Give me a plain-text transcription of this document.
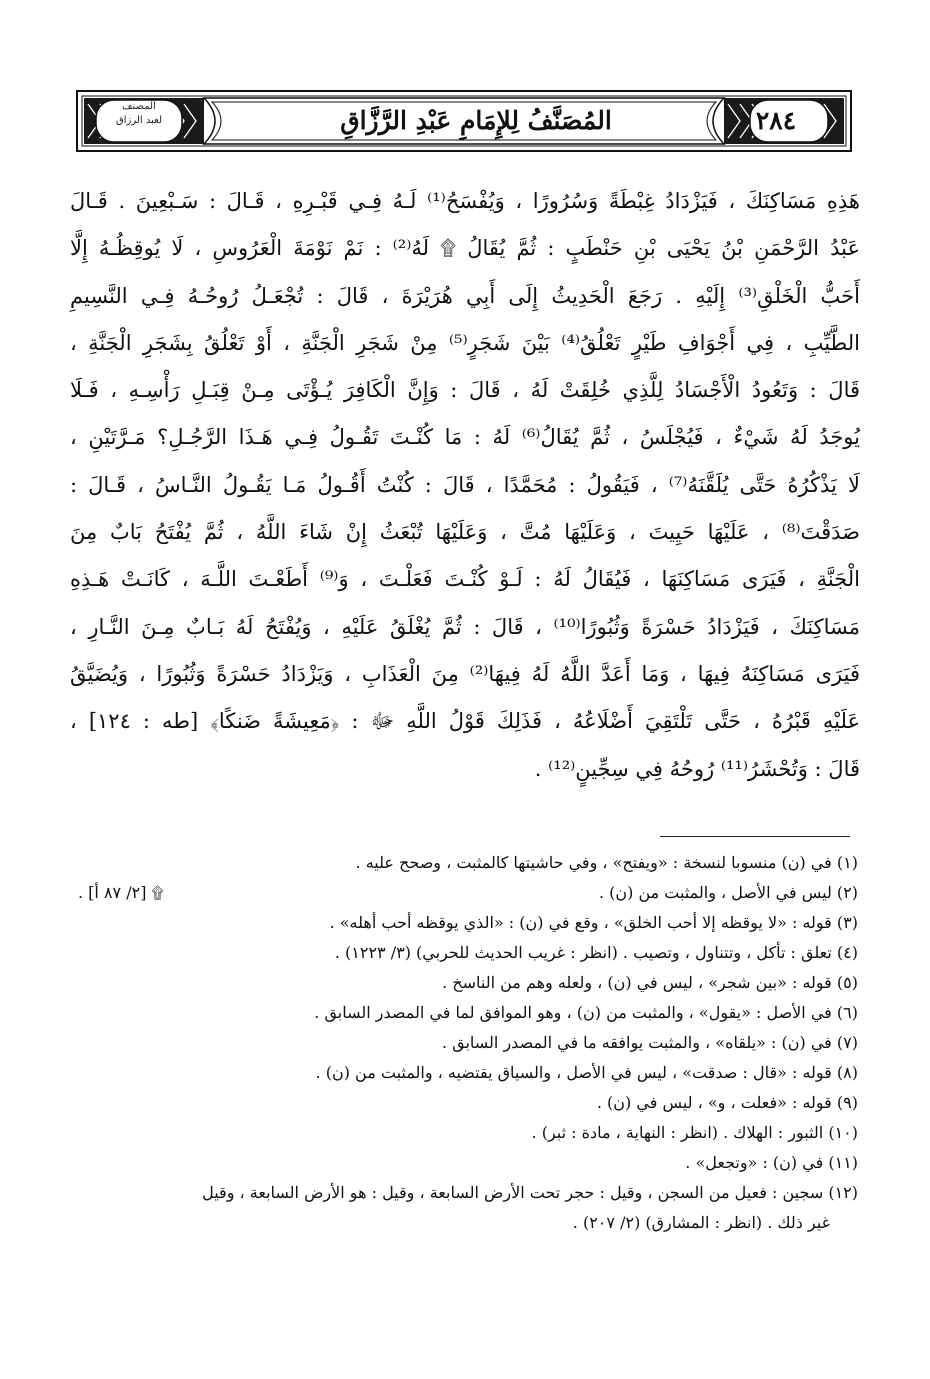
المصنف
لعبد الرزاق	المُصَنَّفُ لِلإِمَامِ عَبْدِ الرَّزَّاقِ	٢٨٤

هَذِهِ مَسَاكِنَكَ ، فَيَزْدَادُ غِبْطَةً وَسُرُورًا ، وَيُفْسَحُ⁽¹⁾ لَـهُ فِـي قَبْـرِهِ ، قَـالَ : سَـبْعِينَ . قَـالَ

عَبْدُ الرَّحْمَنِ بْنُ يَحْيَى بْنِ حَنْطَبٍ : ثُمَّ يُقَالُ ۩ لَهُ⁽²⁾ : نَمْ نَوْمَةَ الْعَرُوسِ ، لَا يُوقِظُـهُ إِلَّا

أَحَبُّ الْخَلْقِ⁽³⁾ إِلَيْهِ . رَجَعَ الْحَدِيثُ إِلَى أَبِي هُرَيْرَةَ ، قَالَ : تُجْعَـلُ رُوحُـهُ فِـي النَّسِيمِ

الطَّيِّبِ ، فِي أَجْوَافِ طَيْرٍ تَعْلُقُ⁽⁴⁾ بَيْنَ شَجَرٍ⁽⁵⁾ مِنْ شَجَرِ الْجَنَّةِ ، أَوْ تَعْلُقُ بِشَجَرِ الْجَنَّةِ ،

قَالَ : وَتَعُودُ الْأَجْسَادُ لِلَّذِي خُلِقَتْ لَهُ ، قَالَ : وَإِنَّ الْكَافِرَ يُـؤْتَى مِـنْ قِبَـلِ رَأْسِـهِ ، فَـلَا

يُوجَدُ لَهُ شَيْءٌ ، فَيُجْلَسُ ، ثُمَّ يُقَالُ⁽⁶⁾ لَهُ : مَا كُنْـتَ تَقُـولُ فِـي هَـذَا الرَّجُـلِ؟ مَـرَّتَيْنِ ،

لَا يَذْكُرُهُ حَتَّى يُلَقَّنَهُ⁽⁷⁾ ، فَيَقُولُ : مُحَمَّدًا ، قَالَ : كُنْتُ أَقُـولُ مَـا يَقُـولُ النَّـاسُ ، قَـالَ :

صَدَقْتَ⁽⁸⁾ ، عَلَيْهَا حَيِيتَ ، وَعَلَيْهَا مُتَّ ، وَعَلَيْهَا تُبْعَثُ إِنْ شَاءَ اللَّهُ ، ثُمَّ يُفْتَحُ بَابٌ مِنَ

الْجَنَّةِ ، فَيَرَى مَسَاكِنَهَا ، فَيُقَالُ لَهُ : لَـوْ كُنْـتَ فَعَلْـتَ ، وَ⁽⁹⁾ أَطَعْـتَ اللَّـهَ ، كَانَـتْ هَـذِهِ

مَسَاكِنَكَ ، فَيَزْدَادُ حَسْرَةً وَثُبُورًا⁽¹⁰⁾ ، قَالَ : ثُمَّ يُغْلَقُ عَلَيْهِ ، وَيُفْتَحُ لَهُ بَـابٌ مِـنَ النَّـارِ ،

فَيَرَى مَسَاكِنَهُ فِيهَا ، وَمَا أَعَدَّ اللَّهُ لَهُ فِيهَا⁽²⁾ مِنَ الْعَذَابِ ، وَيَزْدَادُ حَسْرَةً وَثُبُورًا ، وَيُضَيَّقُ

عَلَيْهِ قَبْرُهُ ، حَتَّى تَلْتَقِيَ أَضْلَاعُهُ ، فَذَلِكَ قَوْلُ اللَّهِ ﷻ : ﴿مَعِيشَةً ضَنكًا﴾ [طه : ١٢٤] ،

قَالَ : وَتُحْشَرُ⁽¹¹⁾ رُوحُهُ فِي سِجِّينٍ⁽¹²⁾ .

(١) في (ن) منسوبا لنسخة : «ويفتح» ، وفي حاشيتها كالمثبت ، وصحح عليه .

(٢) ليس في الأصل ، والمثبت من (ن) .
۩ [٢/ ٨٧ أ] .

(٣) قوله : «لا يوقظه إلا أحب الخلق» ، وقع في (ن) : «الذي يوقظه أحب أهله» .

(٤) تعلق : تأكل ، وتتناول ، وتصيب . (انظر : غريب الحديث للحربي) (٣/ ١٢٢٣) .

(٥) قوله : «بين شجر» ، ليس في (ن) ، ولعله وهم من الناسخ .

(٦) في الأصل : «يقول» ، والمثبت من (ن) ، وهو الموافق لما في المصدر السابق .

(٧) في (ن) : «يلقاه» ، والمثبت يوافقه ما في المصدر السابق .

(٨) قوله : «قال : صدقت» ، ليس في الأصل ، والسياق يقتضيه ، والمثبت من (ن) .

(٩) قوله : «فعلت ، و» ، ليس في (ن) .

(١٠) الثبور : الهلاك . (انظر : النهاية ، مادة : ثبر) .

(١١) في (ن) : «وتجعل» .

(١٢) سجين : فعيل من السجن ، وقيل : حجر تحت الأرض السابعة ، وقيل : هو الأرض السابعة ، وقيل

غير ذلك . (انظر : المشارق) (٢/ ٢٠٧) .
